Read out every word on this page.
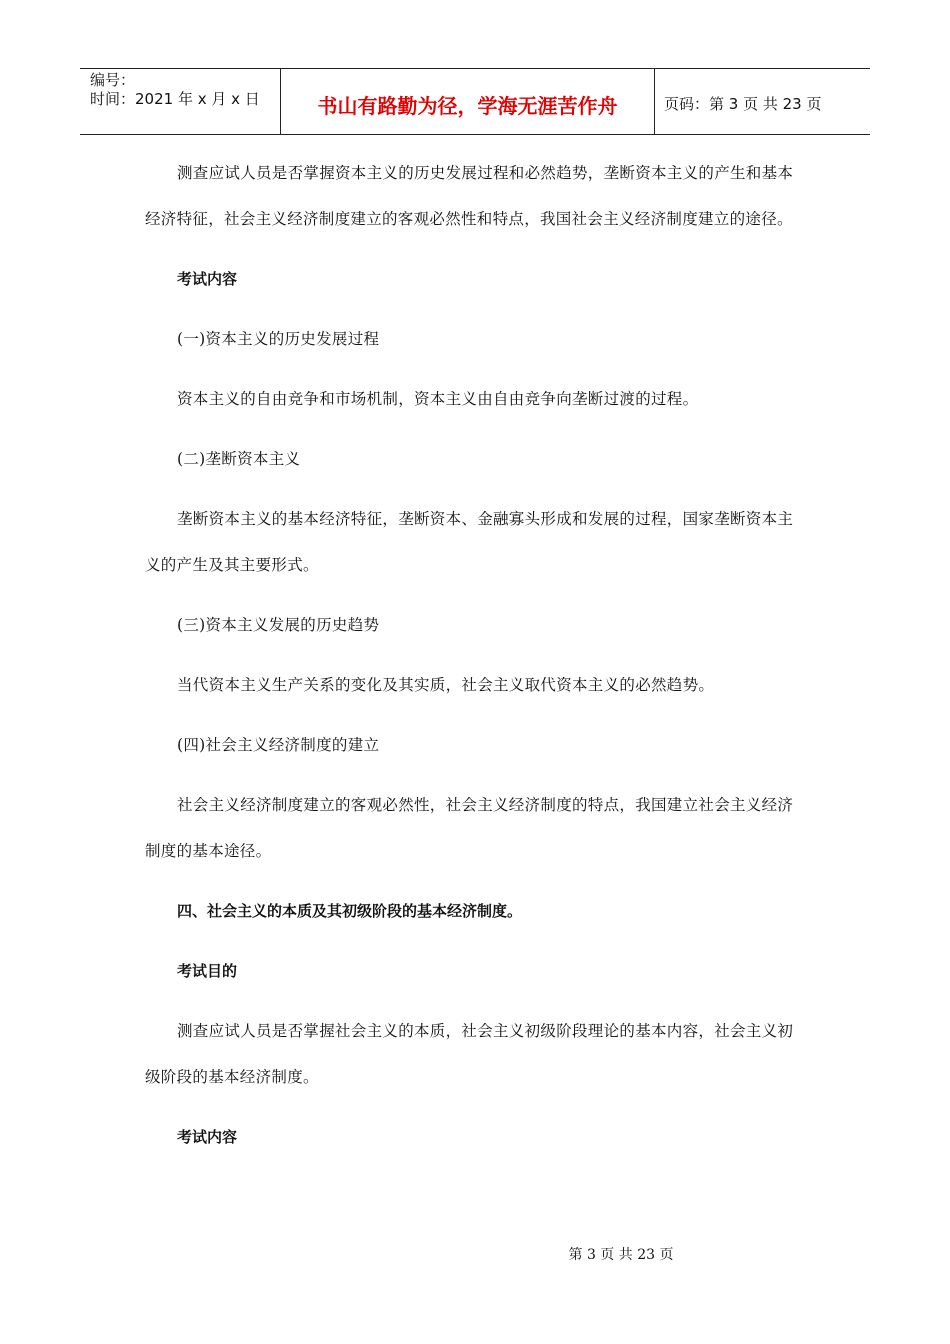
编号：
时间：2021 年 x 月 x 日	书山有路勤为径，学海无涯苦作舟	页码：第 3 页 共 23 页

测查应试人员是否掌握资本主义的历史发展过程和必然趋势，垄断资本主义的产生和基本经济特征，社会主义经济制度建立的客观必然性和特点，我国社会主义经济制度建立的途径。

考试内容

(一)资本主义的历史发展过程

资本主义的自由竞争和市场机制，资本主义由自由竞争向垄断过渡的过程。

(二)垄断资本主义

垄断资本主义的基本经济特征，垄断资本、金融寡头形成和发展的过程，国家垄断资本主义的产生及其主要形式。

(三)资本主义发展的历史趋势

当代资本主义生产关系的变化及其实质，社会主义取代资本主义的必然趋势。

(四)社会主义经济制度的建立

社会主义经济制度建立的客观必然性，社会主义经济制度的特点，我国建立社会主义经济制度的基本途径。

四、社会主义的本质及其初级阶段的基本经济制度。

考试目的

测查应试人员是否掌握社会主义的本质，社会主义初级阶段理论的基本内容，社会主义初级阶段的基本经济制度。

考试内容

第 3 页 共 23 页
